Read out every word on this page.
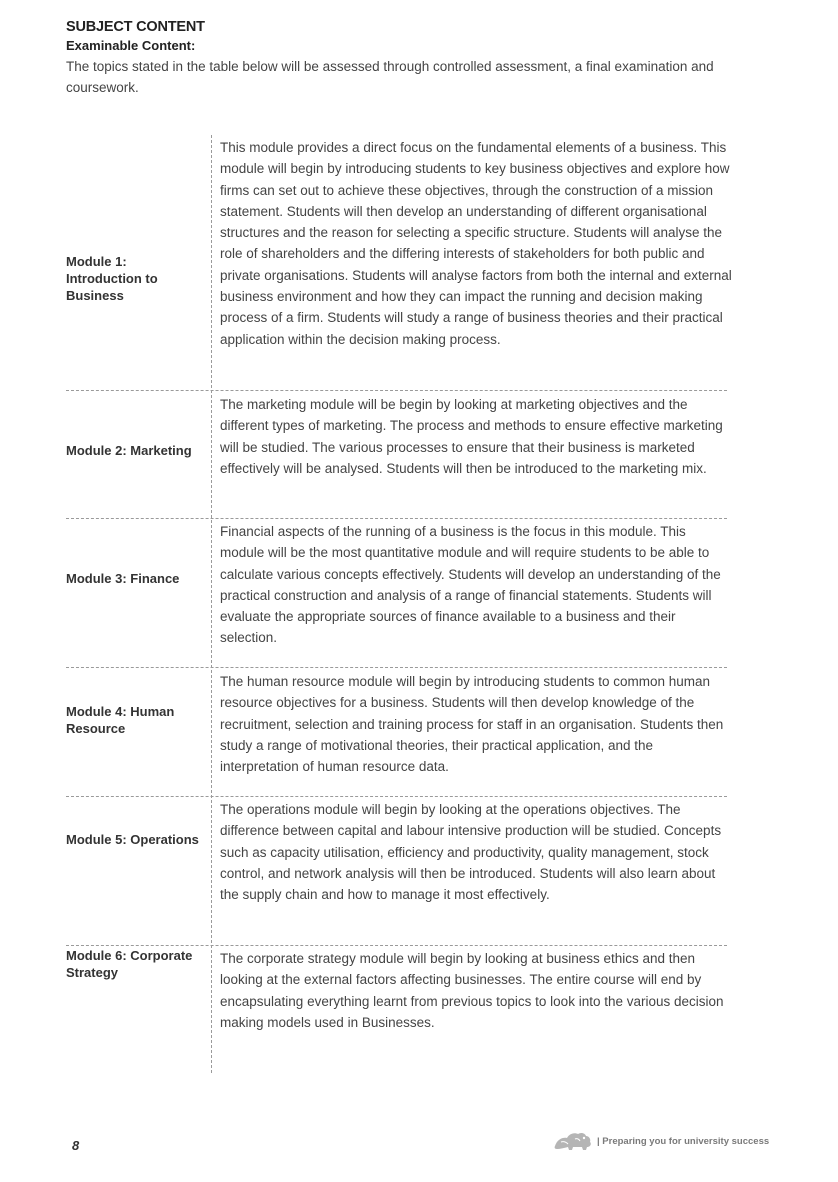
SUBJECT CONTENT
Examinable Content:
The topics stated in the table below will be assessed through controlled assessment, a final examination and coursework.
Module 1: Introduction to Business
This module provides a direct focus on the fundamental elements of a business. This module will begin by introducing students to key business objectives and explore how firms can set out to achieve these objectives, through the construction of a mission statement. Students will then develop an understanding of different organisational structures and the reason for selecting a specific structure. Students will analyse the role of shareholders and the differing interests of stakeholders for both public and private organisations. Students will analyse factors from both the internal and external business environment and how they can impact the running and decision making process of a firm. Students will study a range of business theories and their practical application within the decision making process.
Module 2: Marketing
The marketing module will be begin by looking at marketing objectives and the different types of marketing. The process and methods to ensure effective marketing will be studied. The various processes to ensure that their business is marketed effectively will be analysed. Students will then be introduced to the marketing mix.
Module 3: Finance
Financial aspects of the running of a business is the focus in this module. This module will be the most quantitative module and will require students to be able to calculate various concepts effectively. Students will develop an understanding of the practical construction and analysis of a range of financial statements. Students will evaluate the appropriate sources of finance available to a business and their selection.
Module 4: Human Resource
The human resource module will begin by introducing students to common human resource objectives for a business. Students will then develop knowledge of the recruitment, selection and training process for staff in an organisation. Students then study a range of motivational theories, their practical application, and the interpretation of human resource data.
Module 5: Operations
The operations module will begin by looking at the operations objectives. The difference between capital and labour intensive production will be studied. Concepts such as capacity utilisation, efficiency and productivity, quality management, stock control, and network analysis will then be introduced. Students will also learn about the supply chain and how to manage it most effectively.
Module 6: Corporate Strategy
The corporate strategy module will begin by looking at business ethics and then looking at the external factors affecting businesses. The entire course will end by encapsulating everything learnt from previous topics to look into the various decision making models used in Businesses.
8	| Preparing you for university success
